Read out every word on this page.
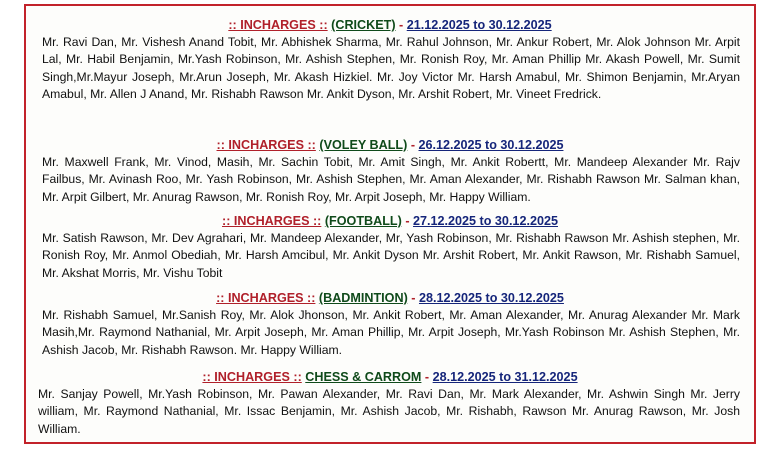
:: INCHARGES :: (CRICKET) - 21.12.2025 to 30.12.2025
Mr. Ravi Dan, Mr. Vishesh Anand Tobit, Mr. Abhishek Sharma, Mr. Rahul Johnson, Mr. Ankur Robert, Mr. Alok Johnson Mr. Arpit Lal, Mr. Habil Benjamin, Mr.Yash Robinson, Mr. Ashish Stephen, Mr. Ronish Roy, Mr. Aman Phillip Mr. Akash Powell, Mr. Sumit Singh,Mr.Mayur Joseph, Mr.Arun Joseph, Mr. Akash Hizkiel. Mr. Joy Victor Mr. Harsh Amabul, Mr. Shimon Benjamin, Mr.Aryan Amabul, Mr. Allen J Anand, Mr. Rishabh Rawson Mr. Ankit Dyson, Mr. Arshit Robert, Mr. Vineet Fredrick.
:: INCHARGES :: (VOLEY BALL) - 26.12.2025 to 30.12.2025
Mr. Maxwell Frank, Mr. Vinod, Masih, Mr. Sachin Tobit, Mr. Amit Singh, Mr. Ankit Robertt, Mr. Mandeep Alexander Mr. Rajv Failbus, Mr. Avinash Roo, Mr. Yash Robinson, Mr. Ashish Stephen, Mr. Aman Alexander, Mr. Rishabh Rawson Mr. Salman khan, Mr. Arpit Gilbert, Mr. Anurag Rawson, Mr. Ronish Roy, Mr. Arpit Joseph, Mr. Happy William.
:: INCHARGES :: (FOOTBALL) - 27.12.2025 to 30.12.2025
Mr. Satish Rawson, Mr. Dev Agrahari, Mr. Mandeep Alexander, Mr, Yash Robinson, Mr. Rishabh Rawson Mr. Ashish stephen, Mr. Ronish Roy, Mr. Anmol Obediah, Mr. Harsh Amcibul, Mr. Ankit Dyson Mr. Arshit Robert, Mr. Ankit Rawson, Mr. Rishabh Samuel, Mr. Akshat Morris, Mr. Vishu Tobit
:: INCHARGES :: (BADMINTION) - 28.12.2025 to 30.12.2025
Mr. Rishabh Samuel, Mr.Sanish Roy, Mr. Alok Jhonson, Mr. Ankit Robert, Mr. Aman Alexander, Mr. Anurag Alexander Mr. Mark Masih,Mr. Raymond Nathanial, Mr. Arpit Joseph, Mr. Aman Phillip, Mr. Arpit Joseph, Mr.Yash Robinson Mr. Ashish Stephen, Mr. Ashish Jacob, Mr. Rishabh Rawson. Mr. Happy William.
:: INCHARGES :: CHESS & CARROM - 28.12.2025 to 31.12.2025
Mr. Sanjay Powell, Mr.Yash Robinson, Mr. Pawan Alexander, Mr. Ravi Dan, Mr. Mark Alexander, Mr. Ashwin Singh Mr. Jerry william, Mr. Raymond Nathanial, Mr. Issac Benjamin, Mr. Ashish Jacob, Mr. Rishabh, Rawson Mr. Anurag Rawson, Mr. Josh William.
